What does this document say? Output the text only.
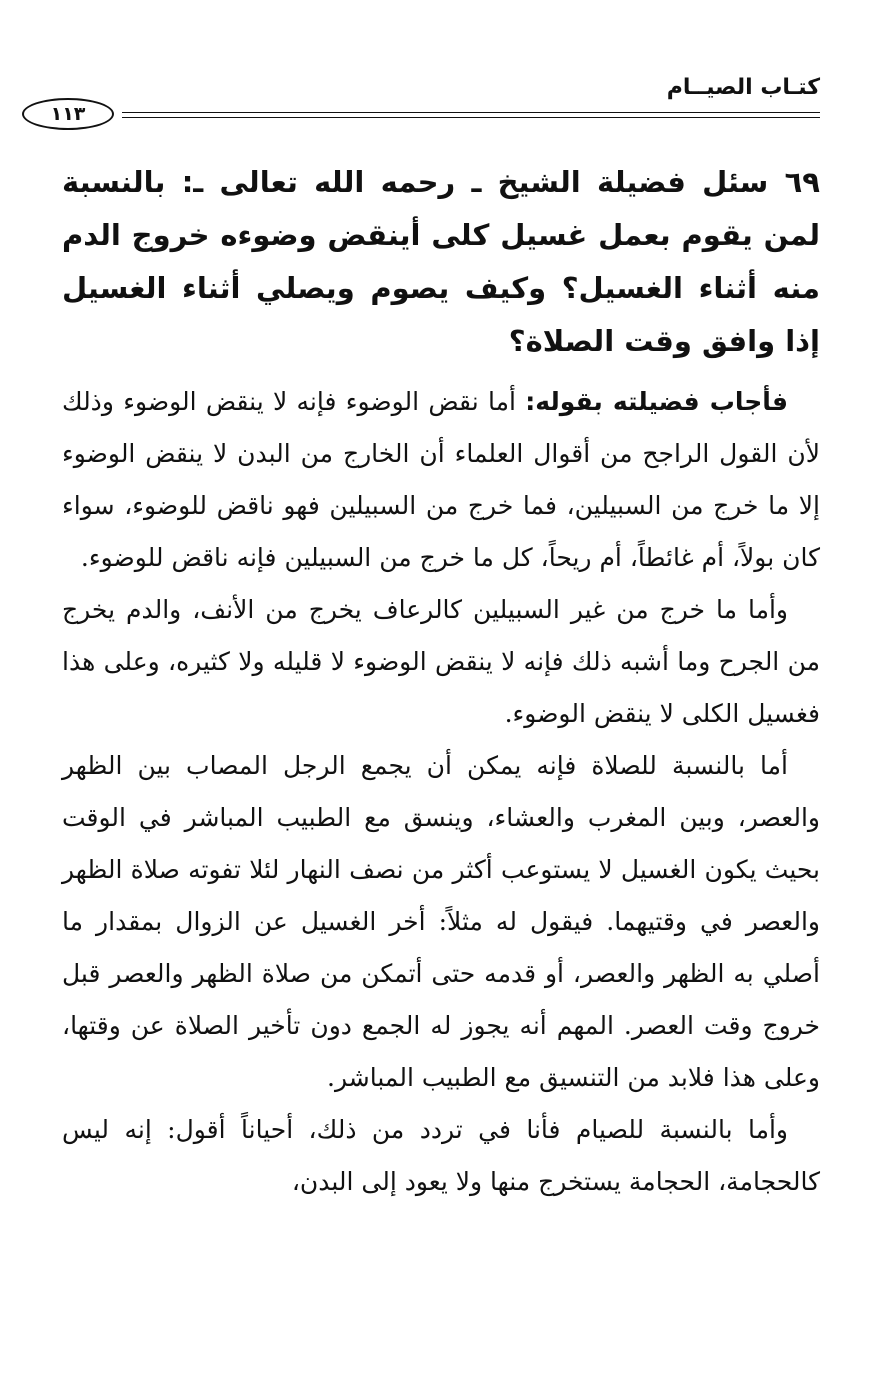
كتـاب الصيــام
١١٣
٦٩ سئل فضيلة الشيخ ـ رحمه الله تعالى ـ: بالنسبة لمن يقوم بعمل غسيل كلى أينقض وضوءه خروج الدم منه أثناء الغسيل؟ وكيف يصوم ويصلي أثناء الغسيل إذا وافق وقت الصلاة؟

فأجاب فضيلته بقوله: أما نقض الوضوء فإنه لا ينقض الوضوء وذلك لأن القول الراجح من أقوال العلماء أن الخارج من البدن لا ينقض الوضوء إلا ما خرج من السبيلين، فما خرج من السبيلين فهو ناقض للوضوء، سواء كان بولاً، أم غائطاً، أم ريحاً، كل ما خرج من السبيلين فإنه ناقض للوضوء.

وأما ما خرج من غير السبيلين كالرعاف يخرج من الأنف، والدم يخرج من الجرح وما أشبه ذلك فإنه لا ينقض الوضوء لا قليله ولا كثيره، وعلى هذا فغسيل الكلى لا ينقض الوضوء.

أما بالنسبة للصلاة فإنه يمكن أن يجمع الرجل المصاب بين الظهر والعصر، وبين المغرب والعشاء، وينسق مع الطبيب المباشر في الوقت بحيث يكون الغسيل لا يستوعب أكثر من نصف النهار لئلا تفوته صلاة الظهر والعصر في وقتيهما. فيقول له مثلاً: أخر الغسيل عن الزوال بمقدار ما أصلي به الظهر والعصر، أو قدمه حتى أتمكن من صلاة الظهر والعصر قبل خروج وقت العصر. المهم أنه يجوز له الجمع دون تأخير الصلاة عن وقتها، وعلى هذا فلابد من التنسيق مع الطبيب المباشر.

وأما بالنسبة للصيام فأنا في تردد من ذلك، أحياناً أقول: إنه ليس كالحجامة، الحجامة يستخرج منها ولا يعود إلى البدن،
